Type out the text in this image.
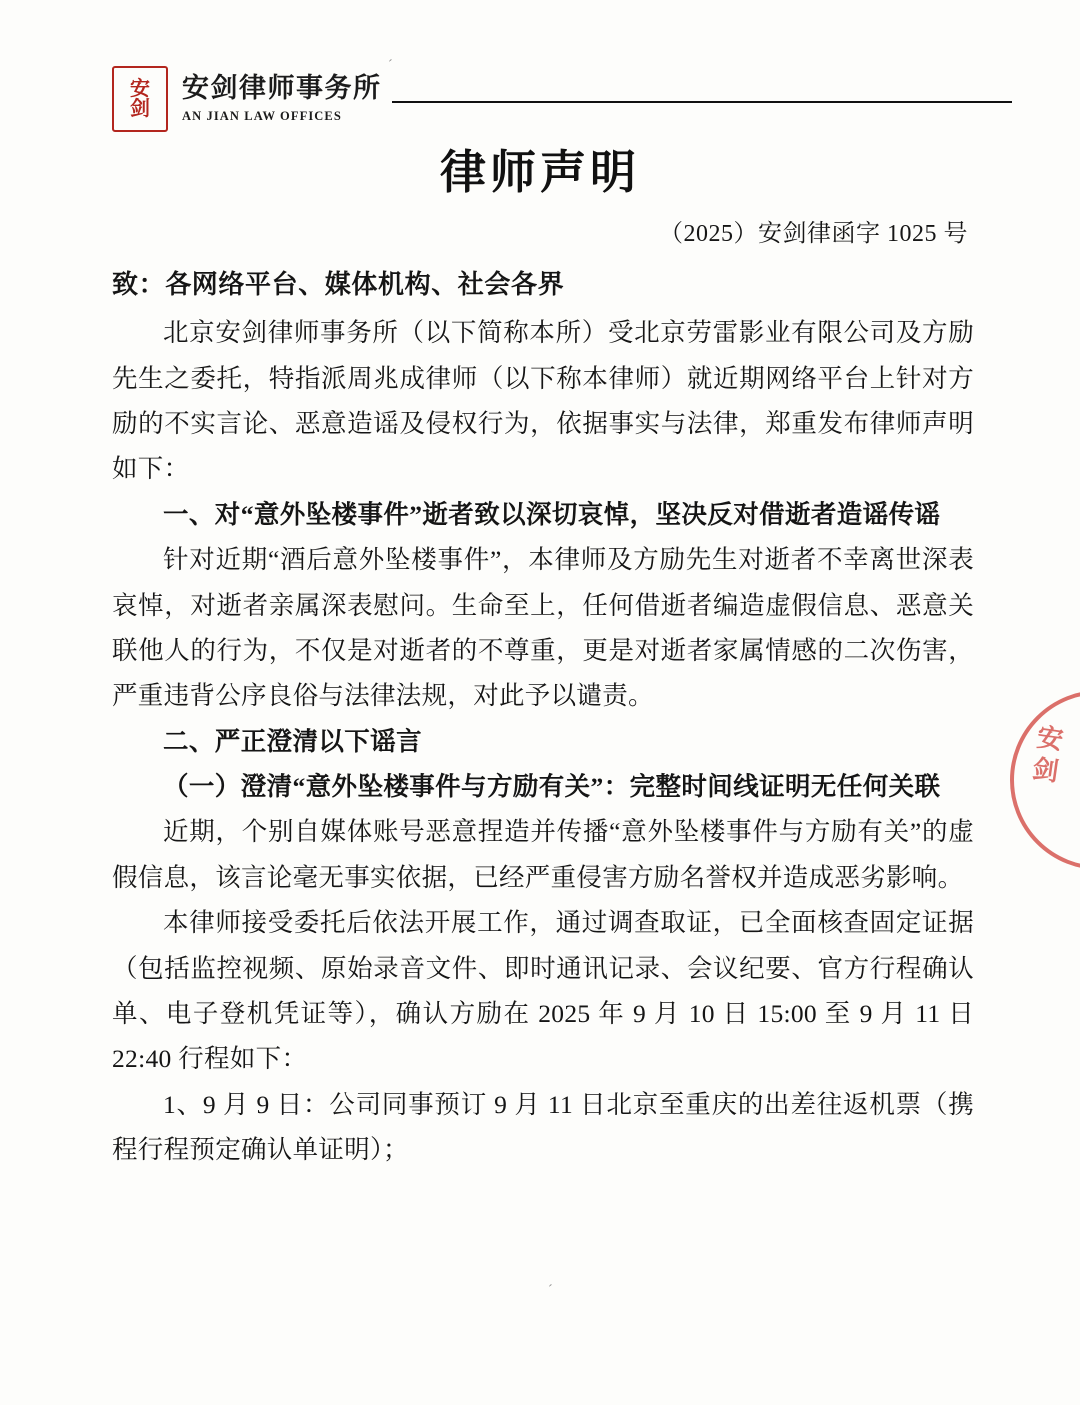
安
剑
安剑律师事务所
AN JIAN LAW OFFICES
ˊ
ˊ
律师声明
（2025）安剑律函字 1025 号
致：各网络平台、媒体机构、社会各界

北京安剑律师事务所（以下简称本所）受北京劳雷影业有限公司及方励先生之委托，特指派周兆成律师（以下称本律师）就近期网络平台上针对方励的不实言论、恶意造谣及侵权行为，依据事实与法律，郑重发布律师声明如下：

一、对“意外坠楼事件”逝者致以深切哀悼，坚决反对借逝者造谣传谣

针对近期“酒后意外坠楼事件”，本律师及方励先生对逝者不幸离世深表哀悼，对逝者亲属深表慰问。生命至上，任何借逝者编造虚假信息、恶意关联他人的行为，不仅是对逝者的不尊重，更是对逝者家属情感的二次伤害，严重违背公序良俗与法律法规，对此予以谴责。

二、严正澄清以下谣言

（一）澄清“意外坠楼事件与方励有关”：完整时间线证明无任何关联

近期，个别自媒体账号恶意捏造并传播“意外坠楼事件与方励有关”的虚假信息，该言论毫无事实依据，已经严重侵害方励名誉权并造成恶劣影响。

本律师接受委托后依法开展工作，通过调查取证，已全面核查固定证据（包括监控视频、原始录音文件、即时通讯记录、会议纪要、官方行程确认单、电子登机凭证等），确认方励在 2025 年 9 月 10 日 15:00 至 9 月 11 日 22:40 行程如下：

1、9 月 9 日：公司同事预订 9 月 11 日北京至重庆的出差往返机票（携程行程预定确认单证明）；

安剑
